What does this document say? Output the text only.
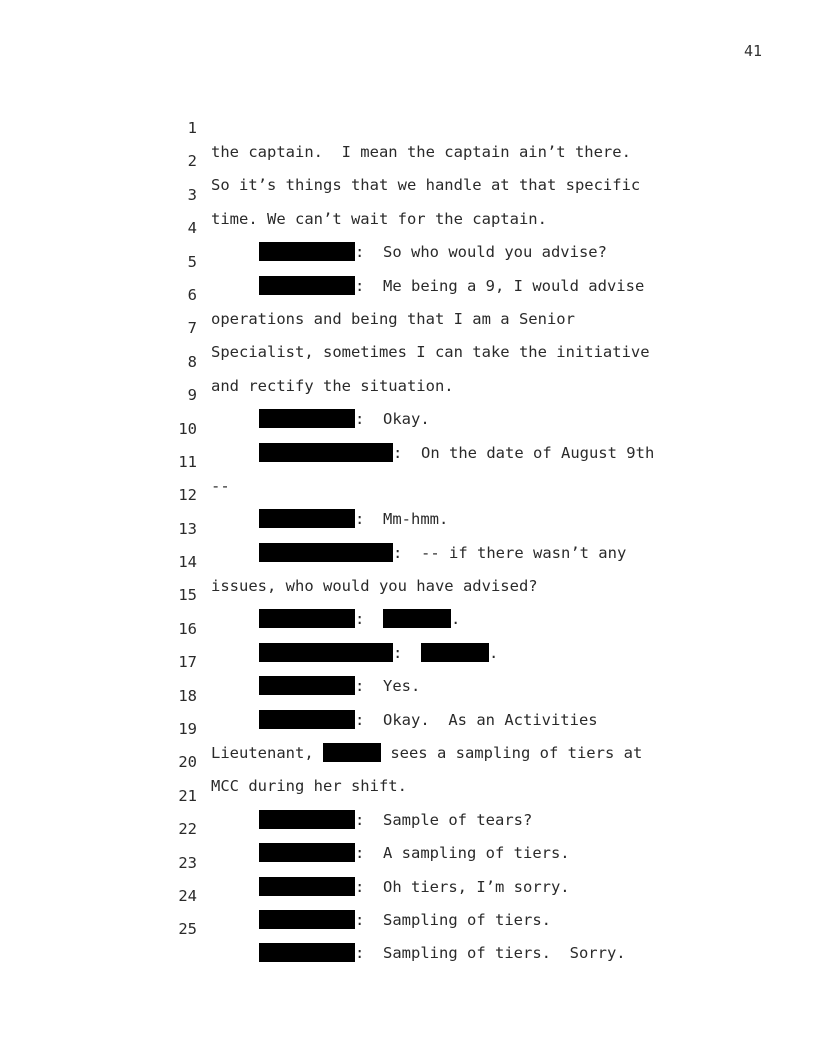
41

1

the captain.  I mean the captain ain’t there.

2

So it’s things that we handle at that specific

3

time. We can’t wait for the captain.

4

:  So who would you advise?

5

:  Me being a 9, I would advise

6

operations and being that I am a Senior

7

Specialist, sometimes I can take the initiative

8

and rectify the situation.

9

:  Okay.

10

:  On the date of August 9th

11

--

12

:  Mm-hmm.

13

:  -- if there wasn’t any

14

issues, who would you have advised?

15

:	.

16

:	.

17

:  Yes.

18

:  Okay.  As an Activities

19

Lieutenant,	sees a sampling of tiers at

20

MCC during her shift.

21

:  Sample of tears?

22

:  A sampling of tiers.

23

:  Oh tiers, I’m sorry.

24

:  Sampling of tiers.

25

:  Sampling of tiers.  Sorry.
